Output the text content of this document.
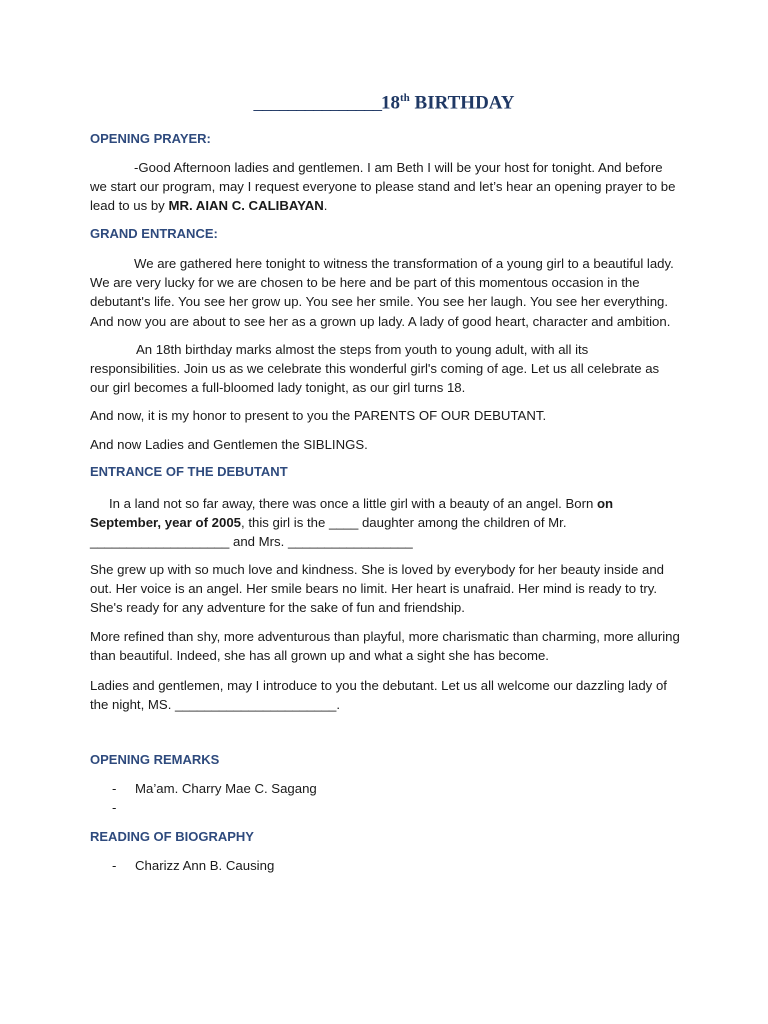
_______________18th BIRTHDAY
OPENING PRAYER:
-Good Afternoon ladies and gentlemen. I am Beth I will be your host for tonight. And before we start our program, may I request everyone to please stand and let’s hear an opening prayer to be lead to us by MR. AIAN C. CALIBAYAN.
GRAND ENTRANCE:
We are gathered here tonight to witness the transformation of a young girl to a beautiful lady. We are very lucky for we are chosen to be here and be part of this momentous occasion in the debutant's life. You see her grow up. You see her smile. You see her laugh. You see her everything. And now you are about to see her as a grown up lady. A lady of good heart, character and ambition.
An 18th birthday marks almost the steps from youth to young adult, with all its responsibilities. Join us as we celebrate this wonderful girl's coming of age. Let us all celebrate as our girl becomes a full-bloomed lady tonight, as our girl turns 18.
And now, it is my honor to present to you the PARENTS OF OUR DEBUTANT.
And now Ladies and Gentlemen the SIBLINGS.
ENTRANCE OF THE DEBUTANT
In a land not so far away, there was once a little girl with a beauty of an angel. Born on September, year of 2005, this girl is the ____ daughter among the children of Mr. ___________________ and Mrs. _________________
She grew up with so much love and kindness. She is loved by everybody for her beauty inside and out. Her voice is an angel. Her smile bears no limit. Her heart is unafraid. Her mind is ready to try. She's ready for any adventure for the sake of fun and friendship.
More refined than shy, more adventurous than playful, more charismatic than charming, more alluring than beautiful. Indeed, she has all grown up and what a sight she has become.
Ladies and gentlemen, may I introduce to you the debutant. Let us all welcome our dazzling lady of the night, MS. ______________________.
OPENING REMARKS
- Ma’am. Charry Mae C. Sagang
-
READING OF BIOGRAPHY
- Charizz Ann B. Causing
